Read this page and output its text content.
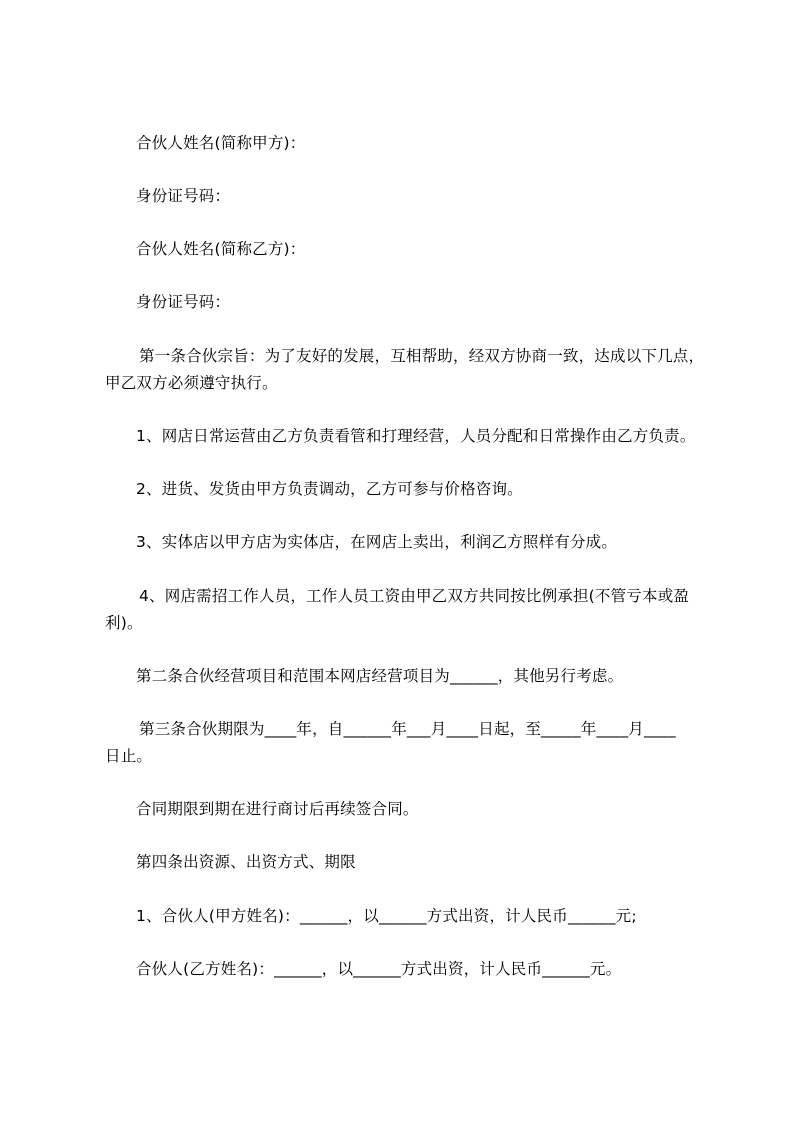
合伙人姓名(简称甲方)：
身份证号码：
合伙人姓名(简称乙方)：
身份证号码：
第一条合伙宗旨：为了友好的发展，互相帮助，经双方协商一致，达成以下几点，
甲乙双方必须遵守执行。
1、网店日常运营由乙方负责看管和打理经营，人员分配和日常操作由乙方负责。
2、进货、发货由甲方负责调动，乙方可参与价格咨询。
3、实体店以甲方店为实体店，在网店上卖出，利润乙方照样有分成。
4、网店需招工作人员，工作人员工资由甲乙双方共同按比例承担(不管亏本或盈
利)。
第二条合伙经营项目和范围本网店经营项目为______，其他另行考虑。
第三条合伙期限为____年，自______年___月____日起，至_____年____月____
日止。
合同期限到期在进行商讨后再续签合同。
第四条出资源、出资方式、期限
1、合伙人(甲方姓名)：______，以______方式出资，计人民币______元;
合伙人(乙方姓名)：______，以______方式出资，计人民币______元。
